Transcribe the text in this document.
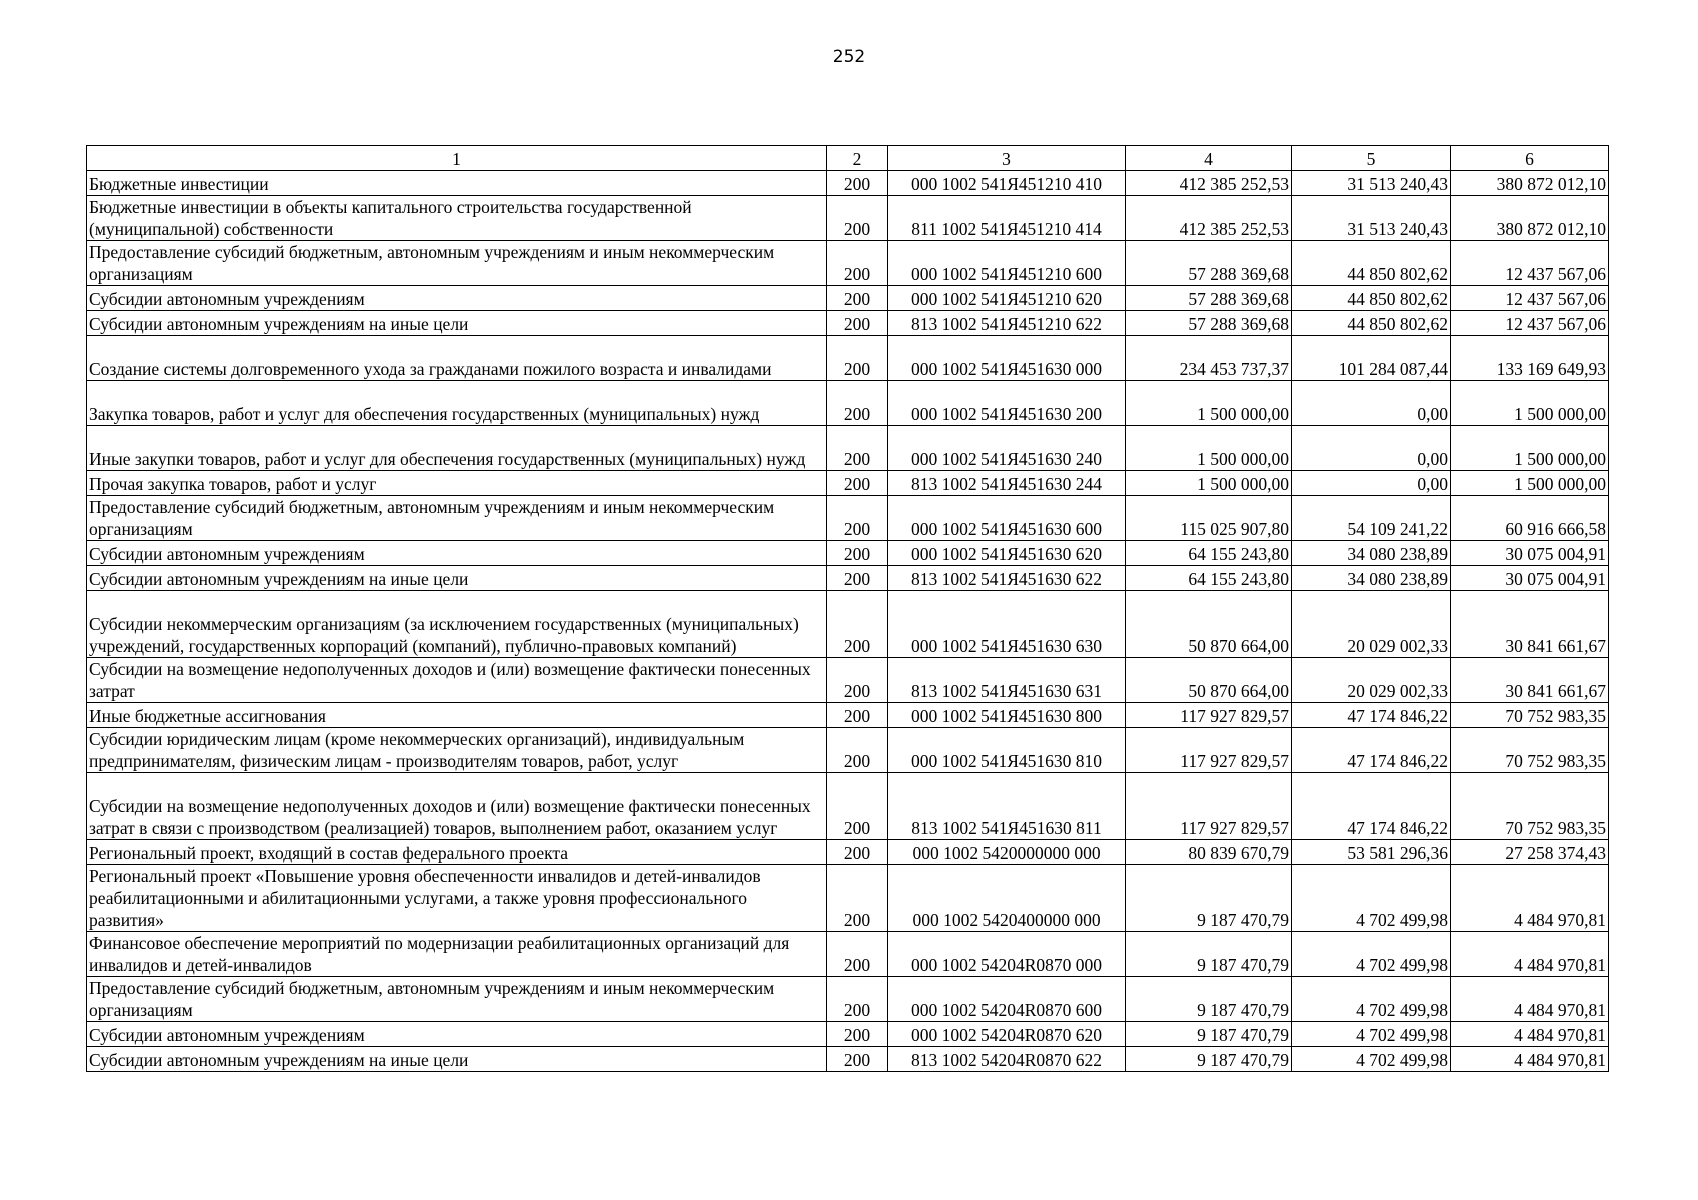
252
1	2	3	4	5	6
Бюджетные инвестиции	200	000 1002 541Я451210 410	412 385 252,53	31 513 240,43	380 872 012,10
Бюджетные инвестиции в объекты капитального строительства государственной (муниципальной) собственности	200	811 1002 541Я451210 414	412 385 252,53	31 513 240,43	380 872 012,10
Предоставление субсидий бюджетным, автономным учреждениям и иным некоммерческим организациям	200	000 1002 541Я451210 600	57 288 369,68	44 850 802,62	12 437 567,06
Субсидии автономным учреждениям	200	000 1002 541Я451210 620	57 288 369,68	44 850 802,62	12 437 567,06
Субсидии автономным учреждениям на иные цели	200	813 1002 541Я451210 622	57 288 369,68	44 850 802,62	12 437 567,06
Создание системы долговременного ухода за гражданами пожилого возраста и инвалидами	200	000 1002 541Я451630 000	234 453 737,37	101 284 087,44	133 169 649,93
Закупка товаров, работ и услуг для обеспечения государственных (муниципальных) нужд	200	000 1002 541Я451630 200	1 500 000,00	0,00	1 500 000,00
Иные закупки товаров, работ и услуг для обеспечения государственных (муниципальных) нужд	200	000 1002 541Я451630 240	1 500 000,00	0,00	1 500 000,00
Прочая закупка товаров, работ и услуг	200	813 1002 541Я451630 244	1 500 000,00	0,00	1 500 000,00
Предоставление субсидий бюджетным, автономным учреждениям и иным некоммерческим организациям	200	000 1002 541Я451630 600	115 025 907,80	54 109 241,22	60 916 666,58
Субсидии автономным учреждениям	200	000 1002 541Я451630 620	64 155 243,80	34 080 238,89	30 075 004,91
Субсидии автономным учреждениям на иные цели	200	813 1002 541Я451630 622	64 155 243,80	34 080 238,89	30 075 004,91
Субсидии некоммерческим организациям (за исключением государственных (муниципальных) учреждений, государственных корпораций (компаний), публично-правовых компаний)	200	000 1002 541Я451630 630	50 870 664,00	20 029 002,33	30 841 661,67
Субсидии на возмещение недополученных доходов и (или) возмещение фактически понесенных затрат	200	813 1002 541Я451630 631	50 870 664,00	20 029 002,33	30 841 661,67
Иные бюджетные ассигнования	200	000 1002 541Я451630 800	117 927 829,57	47 174 846,22	70 752 983,35
Субсидии юридическим лицам (кроме некоммерческих организаций), индивидуальным предпринимателям, физическим лицам - производителям товаров, работ, услуг	200	000 1002 541Я451630 810	117 927 829,57	47 174 846,22	70 752 983,35
Субсидии на возмещение недополученных доходов и (или) возмещение фактически понесенных затрат в связи с производством (реализацией) товаров, выполнением работ, оказанием услуг	200	813 1002 541Я451630 811	117 927 829,57	47 174 846,22	70 752 983,35
Региональный проект, входящий в состав федерального проекта	200	000 1002 5420000000 000	80 839 670,79	53 581 296,36	27 258 374,43
Региональный проект «Повышение уровня обеспеченности инвалидов и детей-инвалидов реабилитационными и абилитационными услугами, а также уровня профессионального развития»	200	000 1002 5420400000 000	9 187 470,79	4 702 499,98	4 484 970,81
Финансовое обеспечение мероприятий по модернизации реабилитационных организаций для инвалидов и детей-инвалидов	200	000 1002 54204R0870 000	9 187 470,79	4 702 499,98	4 484 970,81
Предоставление субсидий бюджетным, автономным учреждениям и иным некоммерческим организациям	200	000 1002 54204R0870 600	9 187 470,79	4 702 499,98	4 484 970,81
Субсидии автономным учреждениям	200	000 1002 54204R0870 620	9 187 470,79	4 702 499,98	4 484 970,81
Субсидии автономным учреждениям на иные цели	200	813 1002 54204R0870 622	9 187 470,79	4 702 499,98	4 484 970,81
